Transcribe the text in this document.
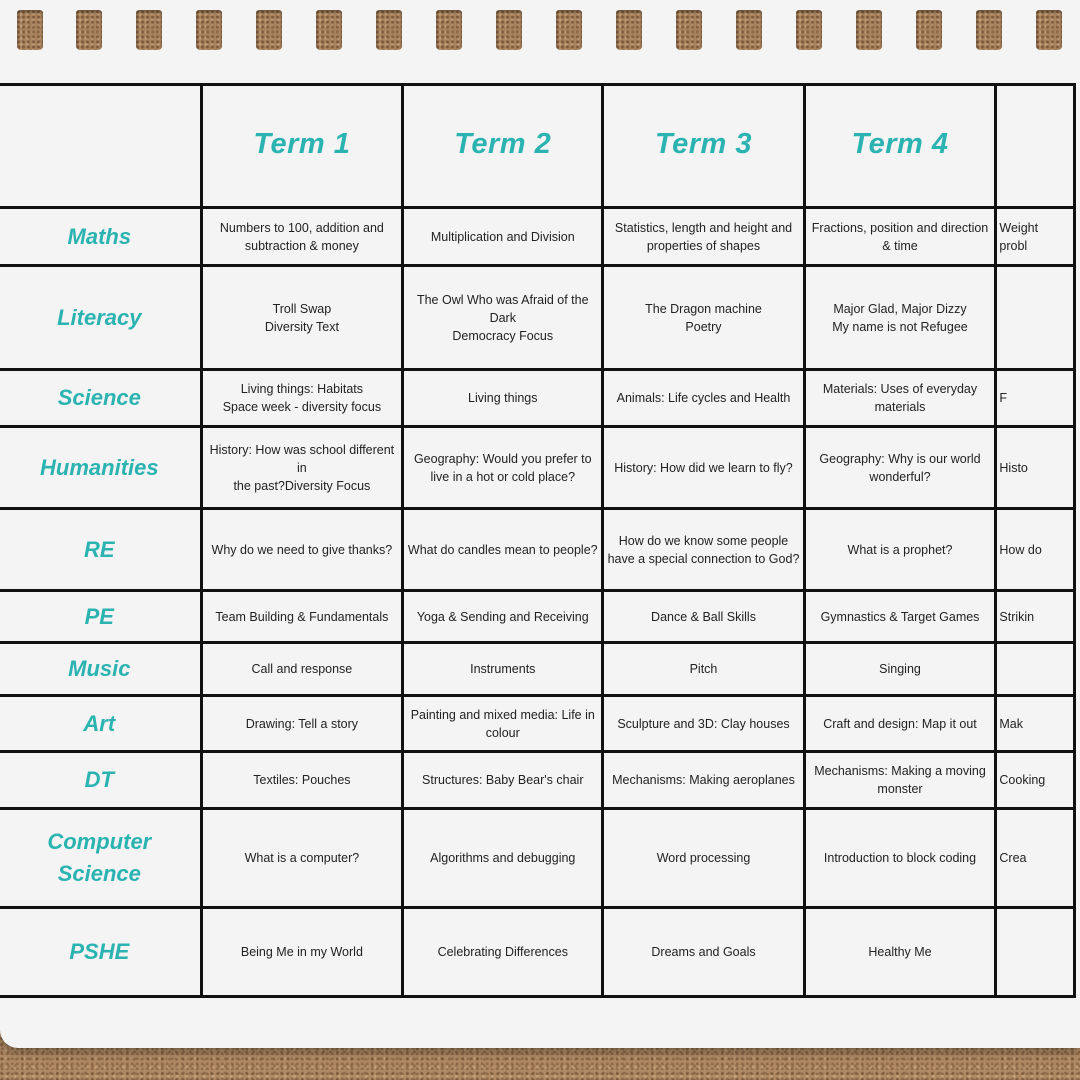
	Term 1	Term 2	Term 3	Term 4	

Maths	Numbers to 100, addition and
subtraction & money	Multiplication and Division	Statistics, length and height and
properties of shapes	Fractions, position and direction
& time	Weight
probl

Literacy	Troll Swap
Diversity Text	The Owl Who was Afraid of the
Dark
Democracy Focus	The Dragon machine
Poetry	Major Glad, Major Dizzy
My name is not Refugee	

Science	Living things: Habitats
Space week - diversity focus	Living things	Animals: Life cycles and Health	Materials: Uses of everyday
materials	F

Humanities	History: How was school different in
the past?Diversity Focus	Geography: Would you prefer to
live in a hot or cold place?	History: How did we learn to fly?	Geography: Why is our world
wonderful?	Histo

RE	Why do we need to give thanks?	What do candles mean to people?	How do we know some people
have a special connection to God?	What is a prophet?	How do

PE	Team Building & Fundamentals	Yoga & Sending and Receiving	Dance & Ball Skills	Gymnastics & Target Games	Strikin

Music	Call and response	Instruments	Pitch	Singing	

Art	Drawing: Tell a story	Painting and mixed media: Life in
colour	Sculpture and 3D: Clay houses	Craft and design: Map it out	Mak

DT	Textiles: Pouches	Structures: Baby Bear's chair	Mechanisms: Making aeroplanes	Mechanisms: Making a moving
monster	Cooking

Computer
Science	What is a computer?	Algorithms and debugging	Word processing	Introduction to block coding	Crea

PSHE	Being Me in my World	Celebrating Differences	Dreams and Goals	Healthy Me	
